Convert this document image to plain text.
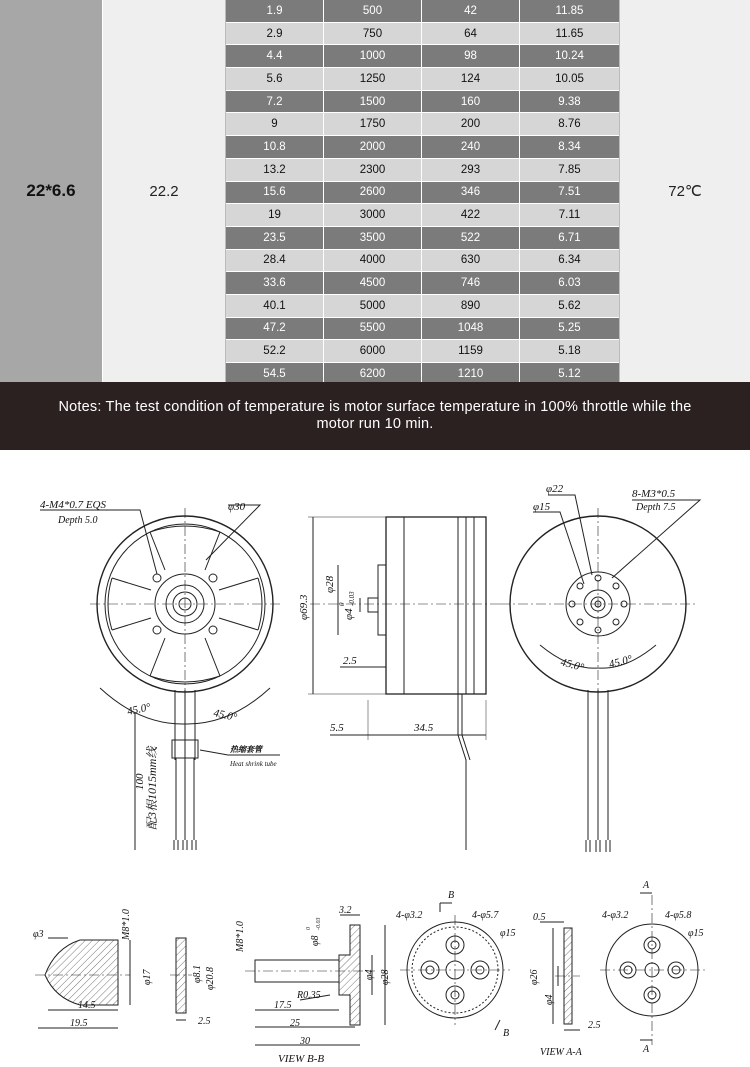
22*6.6	22.2
1.9	500	42	11.85
2.9	750	64	11.65
4.4	1000	98	10.24
5.6	1250	124	10.05
7.2	1500	160	9.38
9	1750	200	8.76
10.8	2000	240	8.34
13.2	2300	293	7.85
15.6	2600	346	7.51
19	3000	422	7.11
23.5	3500	522	6.71
28.4	4000	630	6.34
33.6	4500	746	6.03
40.1	5000	890	5.62
47.2	5500	1048	5.25
52.2	6000	1159	5.18
54.5	6200	1210	5.12
72℃

Notes: The test condition of temperature is motor surface temperature in 100% throttle while the motor run 10 min.

4-M4*0.7 EQS
Depth 5.0
φ30
45.0°	45.0°
热缩套管
Heat shrink tube
100 配3根1015mm线
φ69.3
φ28
φ4
0 -0.03
2.5
5.5	34.5
φ22
φ15
8-M3*0.5
Depth 7.5
45.0° 45.0°
M8*1.0
φ3
φ17
14.5
19.5
φ8.1 φ20.8
2.5
M8*1.0	φ8
0 -0.03
3.2
φ4 φ28
R0.35
17.5
25
30
VIEW B-B
B
B
4-φ3.2	4-φ5.7
φ15
0.5
φ26
φ4
2.5
VIEW A-A
A
A
4-φ3.2	4-φ5.8
φ15
